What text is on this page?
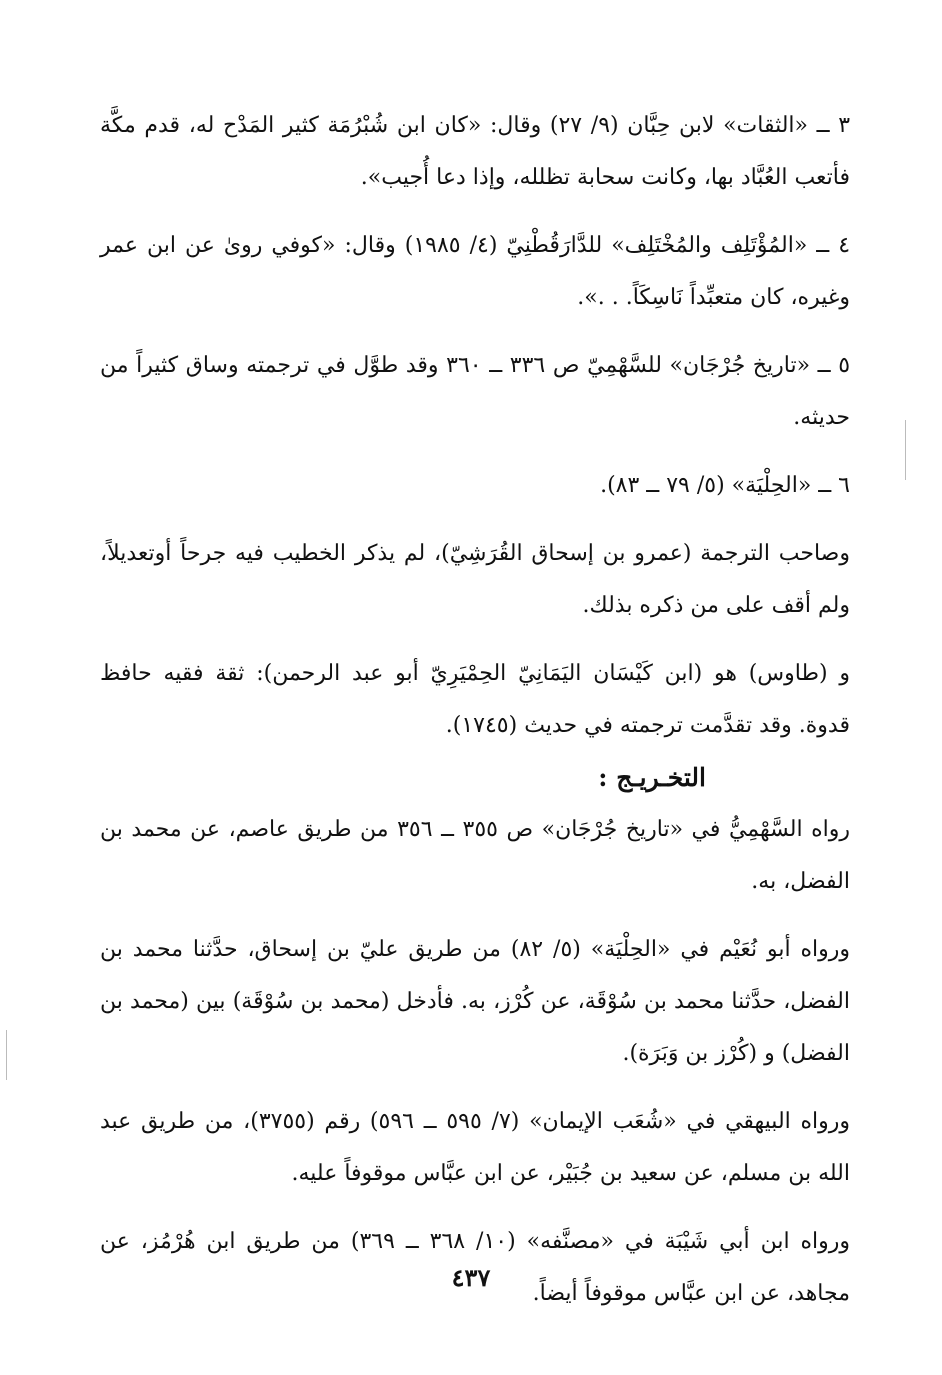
٣ ــ «الثقات» لابن حِبَّان (٩/ ٢٧) وقال: «كان ابن شُبْرُمَة كثير المَدْح له، قدم مكَّة فأتعب العُبَّاد بها، وكانت سحابة تظلله، وإذا دعا أُجيب».

٤ ــ «المُؤْتَلِف والمُخْتَلِف» للدَّارَقُطْنِيّ (٤/ ١٩٨٥) وقال: «كوفي روىٰ عن ابن عمر وغيره، كان متعبِّداً نَاسِكَاً. . .».

٥ ــ «تاريخ جُرْجَان» للسَّهْمِيّ ص ٣٣٦ ــ ٣٦٠ وقد طوَّل في ترجمته وساق كثيراً من حديثه.

٦ ــ «الحِلْيَة» (٥/ ٧٩ ــ ٨٣).

وصاحب الترجمة (عمرو بن إسحاق القُرَشِيّ)، لم يذكر الخطيب فيه جرحاً أوتعديلاً، ولم أقف على من ذكره بذلك.

و (طاوس) هو (ابن كَيْسَان اليَمَانِيّ الحِمْيَرِيّ أبو عبد الرحمن): ثقة فقيه حافظ قدوة. وقد تقدَّمت ترجمته في حديث (١٧٤٥).

التخـريـج :

رواه السَّهْمِيُّ في «تاريخ جُرْجَان» ص ٣٥٥ ــ ٣٥٦ من طريق عاصم، عن محمد بن الفضل، به.

ورواه أبو نُعَيْم في «الحِلْيَة» (٥/ ٨٢) من طريق عليّ بن إسحاق، حدَّثنا محمد بن الفضل، حدَّثنا محمد بن سُوْقَة، عن كُرْز، به. فأدخل (محمد بن سُوْقَة) بين (محمد بن الفضل) و (كُرْز بن وَبَرَة).

ورواه البيهقي في «شُعَب الإيمان» (٧/ ٥٩٥ ــ ٥٩٦) رقم (٣٧٥٥)، من طريق عبد الله بن مسلم، عن سعيد بن جُبَيْر، عن ابن عبَّاس موقوفاً عليه.

ورواه ابن أبي شَيْبَة في «مصنَّفه» (١٠/ ٣٦٨ ــ ٣٦٩) من طريق ابن هُرْمُز، عن مجاهد، عن ابن عبَّاس موقوفاً أيضاً.

٤٣٧
